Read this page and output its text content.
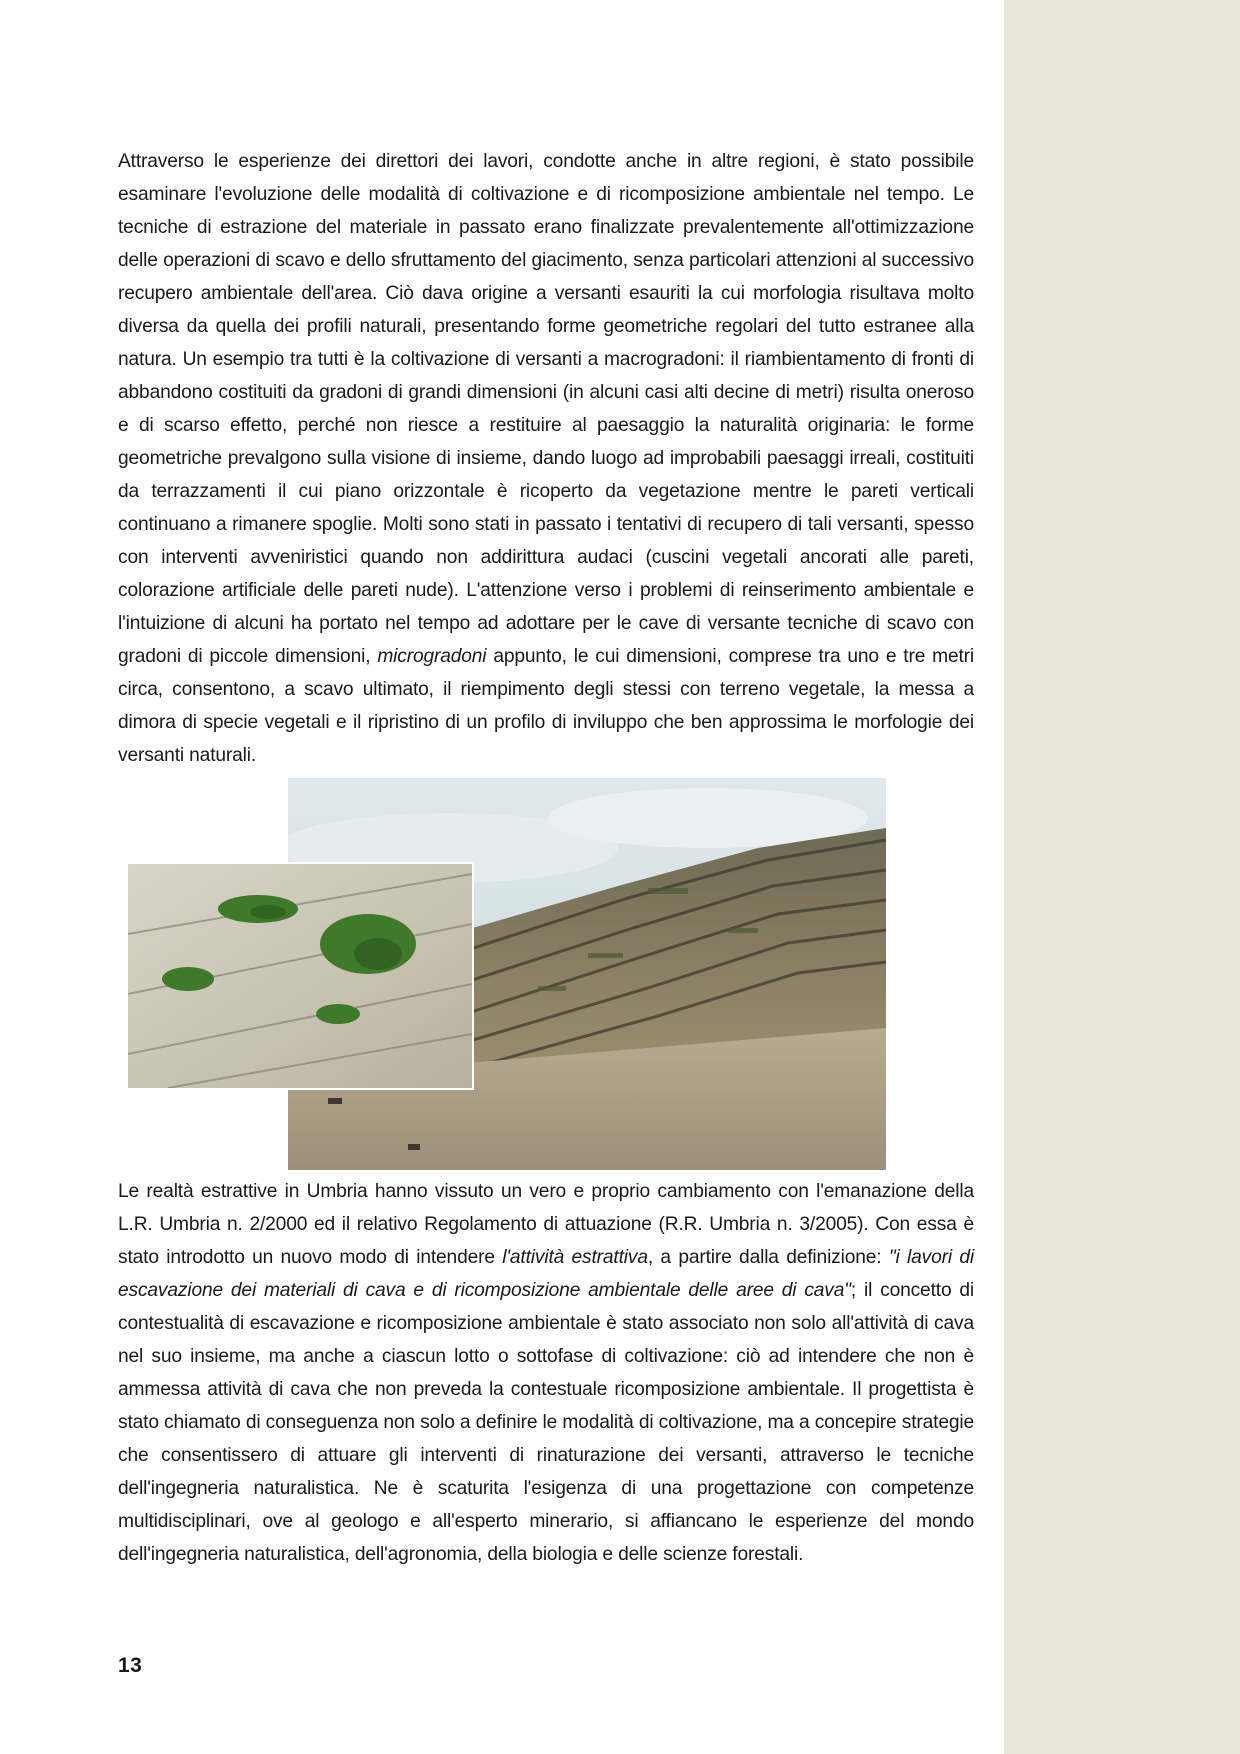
Attraverso le esperienze dei direttori dei lavori, condotte anche in altre regioni, è stato possibile esaminare l'evoluzione delle modalità di coltivazione e di ricomposizione ambientale nel tempo. Le tecniche di estrazione del materiale in passato erano finalizzate prevalentemente all'ottimizzazione delle operazioni di scavo e dello sfruttamento del giacimento, senza particolari attenzioni al successivo recupero ambientale dell'area. Ciò dava origine a versanti esauriti la cui morfologia risultava molto diversa da quella dei profili naturali, presentando forme geometriche regolari del tutto estranee alla natura. Un esempio tra tutti è la coltivazione di versanti a macrogradoni: il riambientamento di fronti di abbandono costituiti da gradoni di grandi dimensioni (in alcuni casi alti decine di metri) risulta oneroso e di scarso effetto, perché non riesce a restituire al paesaggio la naturalità originaria: le forme geometriche prevalgono sulla visione di insieme, dando luogo ad improbabili paesaggi irreali, costituiti da terrazzamenti il cui piano orizzontale è ricoperto da vegetazione mentre le pareti verticali continuano a rimanere spoglie. Molti sono stati in passato i tentativi di recupero di tali versanti, spesso con interventi avveniristici quando non addirittura audaci (cuscini vegetali ancorati alle pareti, colorazione artificiale delle pareti nude). L'attenzione verso i problemi di reinserimento ambientale e l'intuizione di alcuni ha portato nel tempo ad adottare per le cave di versante tecniche di scavo con gradoni di piccole dimensioni, microgradoni appunto, le cui dimensioni, comprese tra uno e tre metri circa, consentono, a scavo ultimato, il riempimento degli stessi con terreno vegetale, la messa a dimora di specie vegetali e il ripristino di un profilo di inviluppo che ben approssima le morfologie dei versanti naturali.

Le realtà estrattive in Umbria hanno vissuto un vero e proprio cambiamento con l'emanazione della L.R. Umbria n. 2/2000 ed il relativo Regolamento di attuazione (R.R. Umbria n. 3/2005). Con essa è stato introdotto un nuovo modo di intendere l'attività estrattiva, a partire dalla definizione: "i lavori di escavazione dei materiali di cava e di ricomposizione ambientale delle aree di cava"; il concetto di contestualità di escavazione e ricomposizione ambientale è stato associato non solo all'attività di cava nel suo insieme, ma anche a ciascun lotto o sottofase di coltivazione: ciò ad intendere che non è ammessa attività di cava che non preveda la contestuale ricomposizione ambientale. Il progettista è stato chiamato di conseguenza non solo a definire le modalità di coltivazione, ma a concepire strategie che consentissero di attuare gli interventi di rinaturazione dei versanti, attraverso le tecniche dell'ingegneria naturalistica. Ne è scaturita l'esigenza di una progettazione con competenze multidisciplinari, ove al geologo e all'esperto minerario, si affiancano le esperienze del mondo dell'ingegneria naturalistica, dell'agronomia, della biologia e delle scienze forestali.

13
